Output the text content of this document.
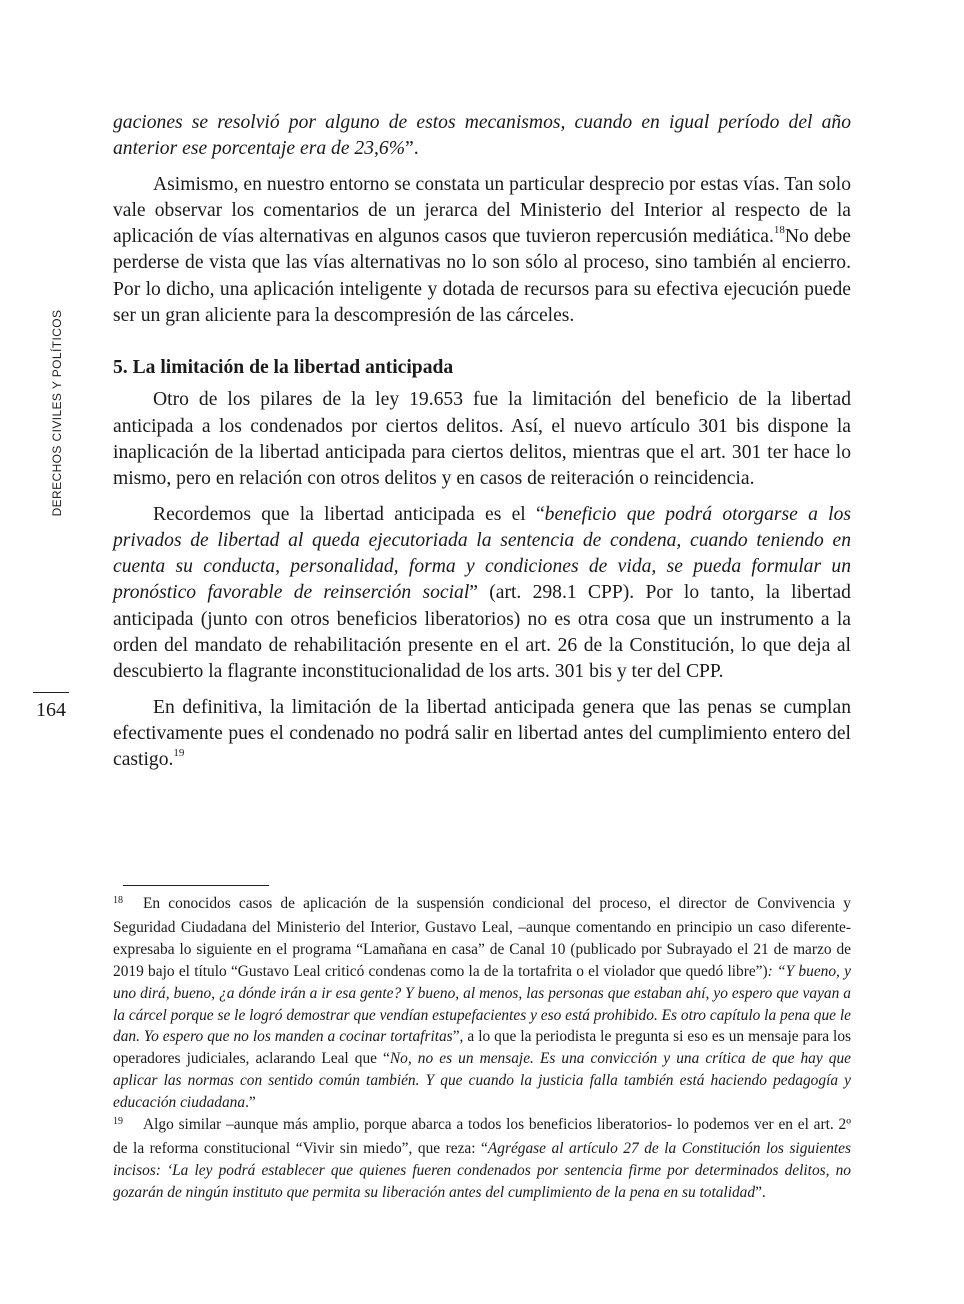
DERECHOS CIVILES Y POLÍTICOS
164

gaciones se resolvió por alguno de estos mecanismos, cuando en igual período del año anterior ese porcentaje era de 23,6%”.

Asimismo, en nuestro entorno se constata un particular desprecio por estas vías. Tan solo vale observar los comentarios de un jerarca del Ministerio del Interior al respecto de la aplicación de vías alternativas en algunos casos que tuvieron repercusión mediática.$^{18}$No debe perderse de vista que las vías alternativas no lo son sólo al proceso, sino también al encierro. Por lo dicho, una aplicación inteligente y dotada de recursos para su efectiva ejecución puede ser un gran aliciente para la descompresión de las cárceles.

5. La limitación de la libertad anticipada

Otro de los pilares de la ley 19.653 fue la limitación del beneficio de la libertad anticipada a los condenados por ciertos delitos. Así, el nuevo artículo 301 bis dispone la inaplicación de la libertad anticipada para ciertos delitos, mientras que el art. 301 ter hace lo mismo, pero en relación con otros delitos y en casos de reiteración o reincidencia.

Recordemos que la libertad anticipada es el “beneficio que podrá otorgarse a los privados de libertad al queda ejecutoriada la sentencia de condena, cuando teniendo en cuenta su conducta, personalidad, forma y condiciones de vida, se pueda formular un pronóstico favorable de reinserción social” (art. 298.1 CPP). Por lo tanto, la libertad anticipada (junto con otros beneficios liberatorios) no es otra cosa que un instrumento a la orden del mandato de rehabilitación presente en el art. 26 de la Constitución, lo que deja al descubierto la flagrante inconstitucionalidad de los arts. 301 bis y ter del CPP.

En definitiva, la limitación de la libertad anticipada genera que las penas se cumplan efectivamente pues el condenado no podrá salir en libertad antes del cumplimiento entero del castigo.$^{19}$

18 En conocidos casos de aplicación de la suspensión condicional del proceso, el director de Convivencia y Seguridad Ciudadana del Ministerio del Interior, Gustavo Leal, –aunque comentando en principio un caso diferente- expresaba lo siguiente en el programa “Lamañana en casa” de Canal 10 (publicado por Subrayado el 21 de marzo de 2019 bajo el título “Gustavo Leal criticó condenas como la de la tortafrita o el violador que quedó libre”): “Y bueno, y uno dirá, bueno, ¿a dónde irán a ir esa gente? Y bueno, al menos, las personas que estaban ahí, yo espero que vayan a la cárcel porque se le logró demostrar que vendían estupefacientes y eso está prohibido. Es otro capítulo la pena que le dan. Yo espero que no los manden a cocinar tortafritas”, a lo que la periodista le pregunta si eso es un mensaje para los operadores judiciales, aclarando Leal que “No, no es un mensaje. Es una convicción y una crítica de que hay que aplicar las normas con sentido común también. Y que cuando la justicia falla también está haciendo pedagogía y educación ciudadana.”

19 Algo similar –aunque más amplio, porque abarca a todos los beneficios liberatorios- lo podemos ver en el art. 2º de la reforma constitucional “Vivir sin miedo”, que reza: “Agrégase al artículo 27 de la Constitución los siguientes incisos: ‘La ley podrá establecer que quienes fueren condenados por sentencia firme por determinados delitos, no gozarán de ningún instituto que permita su liberación antes del cumplimiento de la pena en su totalidad”.
